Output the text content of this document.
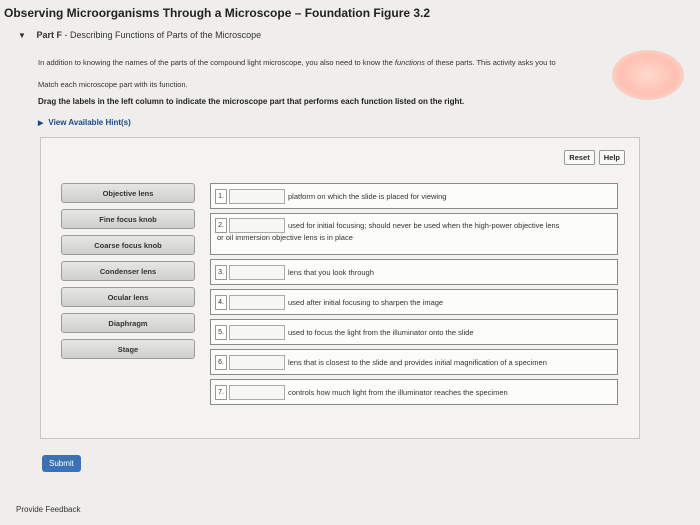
Observing Microorganisms Through a Microscope – Foundation Figure 3.2
▼ Part F - Describing Functions of Parts of the Microscope
In addition to knowing the names of the parts of the compound light microscope, you also need to know the functions of these parts. This activity asks you to
Match each microscope part with its function.
Drag the labels in the left column to indicate the microscope part that performs each function listed on the right.
▶ View Available Hint(s)
Reset	Help
Objective lens
Fine focus knob
Coarse focus knob
Condenser lens
Ocular lens
Diaphragm
Stage
1.	platform on which the slide is placed for viewing
2.	used for initial focusing; should never be used when the high-power objective lens
or oil immersion objective lens is in place
3.	lens that you look through
4.	used after initial focusing to sharpen the image
5.	used to focus the light from the illuminator onto the slide
6.	lens that is closest to the slide and provides initial magnification of a specimen
7.	controls how much light from the illuminator reaches the specimen
Submit
Provide Feedback
